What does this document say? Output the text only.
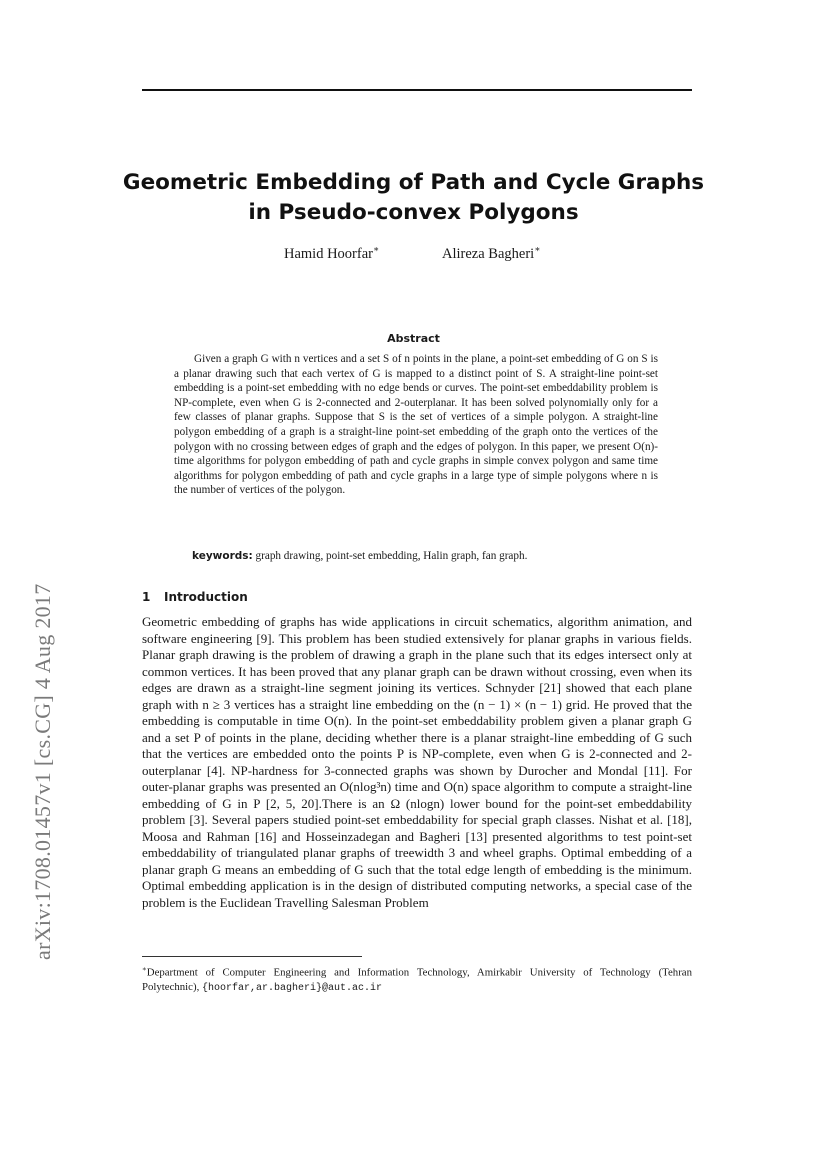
arXiv:1708.01457v1 [cs.CG] 4 Aug 2017
Geometric Embedding of Path and Cycle Graphs
in Pseudo-convex Polygons
Hamid Hoorfar∗	Alireza Bagheri∗
Abstract

Given a graph G with n vertices and a set S of n points in the plane, a point-set embedding of G on S is a planar drawing such that each vertex of G is mapped to a distinct point of S. A straight-line point-set embedding is a point-set embedding with no edge bends or curves. The point-set embeddability problem is NP-complete, even when G is 2-connected and 2-outerplanar. It has been solved polynomially only for a few classes of planar graphs. Suppose that S is the set of vertices of a simple polygon. A straight-line polygon embedding of a graph is a straight-line point-set embedding of the graph onto the vertices of the polygon with no crossing between edges of graph and the edges of polygon. In this paper, we present O(n)-time algorithms for polygon embedding of path and cycle graphs in simple convex polygon and same time algorithms for polygon embedding of path and cycle graphs in a large type of simple polygons where n is the number of vertices of the polygon.

keywords: graph drawing, point-set embedding, Halin graph, fan graph.
1 Introduction

Geometric embedding of graphs has wide applications in circuit schematics, algorithm animation, and software engineering [9]. This problem has been studied extensively for planar graphs in various fields. Planar graph drawing is the problem of drawing a graph in the plane such that its edges intersect only at common vertices. It has been proved that any planar graph can be drawn without crossing, even when its edges are drawn as a straight-line segment joining its vertices. Schnyder [21] showed that each plane graph with n ≥ 3 vertices has a straight line embedding on the (n − 1) × (n − 1) grid. He proved that the embedding is computable in time O(n). In the point-set embeddability problem given a planar graph G and a set P of points in the plane, deciding whether there is a planar straight-line embedding of G such that the vertices are embedded onto the points P is NP-complete, even when G is 2-connected and 2-outerplanar [4]. NP-hardness for 3-connected graphs was shown by Durocher and Mondal [11]. For outer-planar graphs was presented an O(nlog³n) time and O(n) space algorithm to compute a straight-line embedding of G in P [2, 5, 20].There is an Ω (nlogn) lower bound for the point-set embeddability problem [3]. Several papers studied point-set embeddability for special graph classes. Nishat et al. [18], Moosa and Rahman [16] and Hosseinzadegan and Bagheri [13] presented algorithms to test point-set embeddability of triangulated planar graphs of treewidth 3 and wheel graphs. Optimal embedding of a planar graph G means an embedding of G such that the total edge length of embedding is the minimum. Optimal embedding application is in the design of distributed computing networks, a special case of the problem is the Euclidean Travelling Salesman Problem

∗Department of Computer Engineering and Information Technology, Amirkabir University of Technology (Tehran Polytechnic), {hoorfar,ar.bagheri}@aut.ac.ir
